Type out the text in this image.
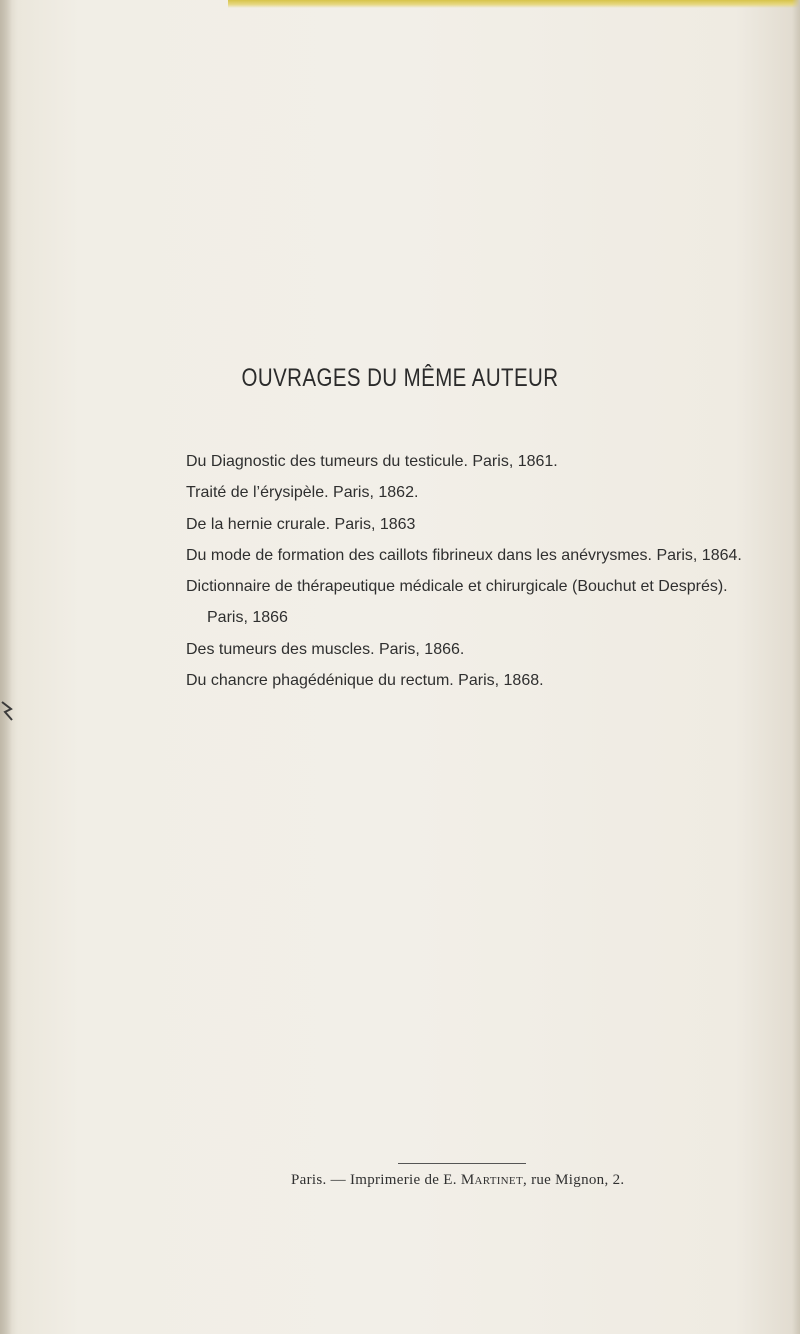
OUVRAGES DU MÊME AUTEUR
Du Diagnostic des tumeurs du testicule. Paris, 1861.
Traité de l’érysipèle. Paris, 1862.
De la hernie crurale. Paris, 1863
Du mode de formation des caillots fibrineux dans les anévrysmes. Paris, 1864.
Dictionnaire de thérapeutique médicale et chirurgicale (Bouchut et Després).
Paris, 1866
Des tumeurs des muscles. Paris, 1866.
Du chancre phagédénique du rectum. Paris, 1868.
Paris. — Imprimerie de E. Martinet, rue Mignon, 2.
